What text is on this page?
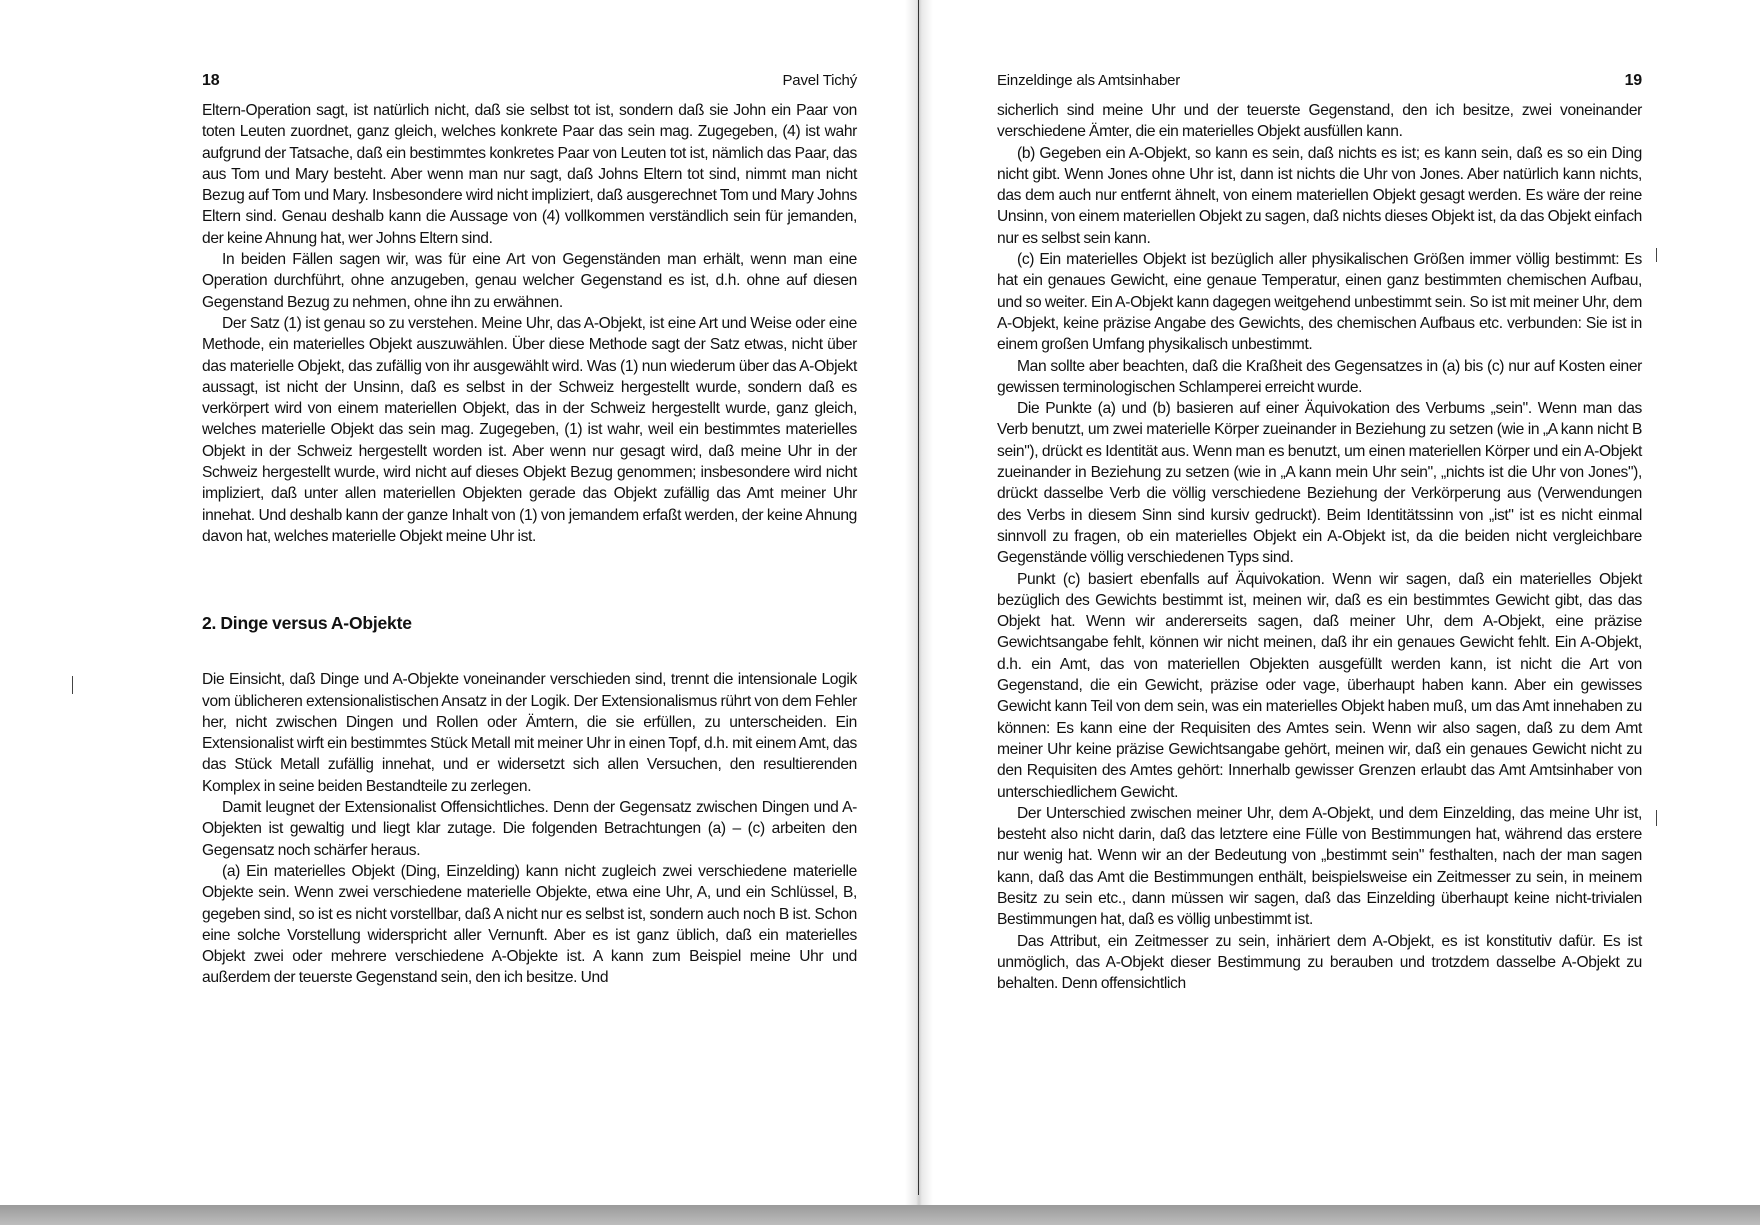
18	Pavel Tichý

Eltern-Operation sagt, ist natürlich nicht, daß sie selbst tot ist, sondern daß sie John ein Paar von toten Leuten zuordnet, ganz gleich, welches konkrete Paar das sein mag. Zugegeben, (4) ist wahr aufgrund der Tatsache, daß ein bestimmtes konkretes Paar von Leuten tot ist, nämlich das Paar, das aus Tom und Mary besteht. Aber wenn man nur sagt, daß Johns Eltern tot sind, nimmt man nicht Bezug auf Tom und Mary. Insbesondere wird nicht impliziert, daß ausgerechnet Tom und Mary Johns Eltern sind. Genau deshalb kann die Aussage von (4) vollkommen verständlich sein für jemanden, der keine Ahnung hat, wer Johns Eltern sind.

In beiden Fällen sagen wir, was für eine Art von Gegenständen man erhält, wenn man eine Operation durchführt, ohne anzugeben, genau welcher Gegenstand es ist, d.h. ohne auf diesen Gegenstand Bezug zu nehmen, ohne ihn zu erwähnen.

Der Satz (1) ist genau so zu verstehen. Meine Uhr, das A-Objekt, ist eine Art und Weise oder eine Methode, ein materielles Objekt auszuwählen. Über diese Methode sagt der Satz etwas, nicht über das materielle Objekt, das zufällig von ihr ausgewählt wird. Was (1) nun wiederum über das A-Objekt aussagt, ist nicht der Unsinn, daß es selbst in der Schweiz hergestellt wurde, sondern daß es verkörpert wird von einem materiellen Objekt, das in der Schweiz hergestellt wurde, ganz gleich, welches materielle Objekt das sein mag. Zugegeben, (1) ist wahr, weil ein bestimmtes materielles Objekt in der Schweiz hergestellt worden ist. Aber wenn nur gesagt wird, daß meine Uhr in der Schweiz hergestellt wurde, wird nicht auf dieses Objekt Bezug genommen; insbesondere wird nicht impliziert, daß unter allen materiellen Objekten gerade das Objekt zufällig das Amt meiner Uhr innehat. Und deshalb kann der ganze Inhalt von (1) von jemandem erfaßt werden, der keine Ahnung davon hat, welches materielle Objekt meine Uhr ist.

2. Dinge versus A-Objekte

Die Einsicht, daß Dinge und A-Objekte voneinander verschieden sind, trennt die intensionale Logik vom üblicheren extensionalistischen Ansatz in der Logik. Der Extensionalismus rührt von dem Fehler her, nicht zwischen Dingen und Rollen oder Ämtern, die sie erfüllen, zu unterscheiden. Ein Extensionalist wirft ein bestimmtes Stück Metall mit meiner Uhr in einen Topf, d.h. mit einem Amt, das das Stück Metall zufällig innehat, und er widersetzt sich allen Versuchen, den resultierenden Komplex in seine beiden Bestandteile zu zerlegen.

Damit leugnet der Extensionalist Offensichtliches. Denn der Gegensatz zwischen Dingen und A-Objekten ist gewaltig und liegt klar zutage. Die folgenden Betrachtungen (a) – (c) arbeiten den Gegensatz noch schärfer heraus.

(a) Ein materielles Objekt (Ding, Einzelding) kann nicht zugleich zwei verschiedene materielle Objekte sein. Wenn zwei verschiedene materielle Objekte, etwa eine Uhr, A, und ein Schlüssel, B, gegeben sind, so ist es nicht vorstellbar, daß A nicht nur es selbst ist, sondern auch noch B ist. Schon eine solche Vorstellung widerspricht aller Vernunft. Aber es ist ganz üblich, daß ein materielles Objekt zwei oder mehrere verschiedene A-Objekte ist. A kann zum Beispiel meine Uhr und außerdem der teuerste Gegenstand sein, den ich besitze. Und

Einzeldinge als Amtsinhaber	19

sicherlich sind meine Uhr und der teuerste Gegenstand, den ich besitze, zwei voneinander verschiedene Ämter, die ein materielles Objekt ausfüllen kann.

(b) Gegeben ein A-Objekt, so kann es sein, daß nichts es ist; es kann sein, daß es so ein Ding nicht gibt. Wenn Jones ohne Uhr ist, dann ist nichts die Uhr von Jones. Aber natürlich kann nichts, das dem auch nur entfernt ähnelt, von einem materiellen Objekt gesagt werden. Es wäre der reine Unsinn, von einem materiellen Objekt zu sagen, daß nichts dieses Objekt ist, da das Objekt einfach nur es selbst sein kann.

(c) Ein materielles Objekt ist bezüglich aller physikalischen Größen immer völlig bestimmt: Es hat ein genaues Gewicht, eine genaue Temperatur, einen ganz bestimmten chemischen Aufbau, und so weiter. Ein A-Objekt kann dagegen weitgehend unbestimmt sein. So ist mit meiner Uhr, dem A-Objekt, keine präzise Angabe des Gewichts, des chemischen Aufbaus etc. verbunden: Sie ist in einem großen Umfang physikalisch unbestimmt.

Man sollte aber beachten, daß die Kraßheit des Gegensatzes in (a) bis (c) nur auf Kosten einer gewissen terminologischen Schlamperei erreicht wurde.

Die Punkte (a) und (b) basieren auf einer Äquivokation des Verbums „sein". Wenn man das Verb benutzt, um zwei materielle Körper zueinander in Beziehung zu setzen (wie in „A kann nicht B sein"), drückt es Identität aus. Wenn man es benutzt, um einen materiellen Körper und ein A-Objekt zueinander in Beziehung zu setzen (wie in „A kann mein Uhr sein", „nichts ist die Uhr von Jones"), drückt dasselbe Verb die völlig verschiedene Beziehung der Verkörperung aus (Verwendungen des Verbs in diesem Sinn sind kursiv gedruckt). Beim Identitätssinn von „ist" ist es nicht einmal sinnvoll zu fragen, ob ein materielles Objekt ein A-Objekt ist, da die beiden nicht vergleichbare Gegenstände völlig verschiedenen Typs sind.

Punkt (c) basiert ebenfalls auf Äquivokation. Wenn wir sagen, daß ein materielles Objekt bezüglich des Gewichts bestimmt ist, meinen wir, daß es ein bestimmtes Gewicht gibt, das das Objekt hat. Wenn wir andererseits sagen, daß meiner Uhr, dem A-Objekt, eine präzise Gewichtsangabe fehlt, können wir nicht meinen, daß ihr ein genaues Gewicht fehlt. Ein A-Objekt, d.h. ein Amt, das von materiellen Objekten ausgefüllt werden kann, ist nicht die Art von Gegenstand, die ein Gewicht, präzise oder vage, überhaupt haben kann. Aber ein gewisses Gewicht kann Teil von dem sein, was ein materielles Objekt haben muß, um das Amt innehaben zu können: Es kann eine der Requisiten des Amtes sein. Wenn wir also sagen, daß zu dem Amt meiner Uhr keine präzise Gewichtsangabe gehört, meinen wir, daß ein genaues Gewicht nicht zu den Requisiten des Amtes gehört: Innerhalb gewisser Grenzen erlaubt das Amt Amtsinhaber von unterschiedlichem Gewicht.

Der Unterschied zwischen meiner Uhr, dem A-Objekt, und dem Einzelding, das meine Uhr ist, besteht also nicht darin, daß das letztere eine Fülle von Bestimmungen hat, während das erstere nur wenig hat. Wenn wir an der Bedeutung von „bestimmt sein" festhalten, nach der man sagen kann, daß das Amt die Bestimmungen enthält, beispielsweise ein Zeitmesser zu sein, in meinem Besitz zu sein etc., dann müssen wir sagen, daß das Einzelding überhaupt keine nicht-trivialen Bestimmungen hat, daß es völlig unbestimmt ist.

Das Attribut, ein Zeitmesser zu sein, inhäriert dem A-Objekt, es ist konstitutiv dafür. Es ist unmöglich, das A-Objekt dieser Bestimmung zu berauben und trotzdem dasselbe A-Objekt zu behalten. Denn offensichtlich
